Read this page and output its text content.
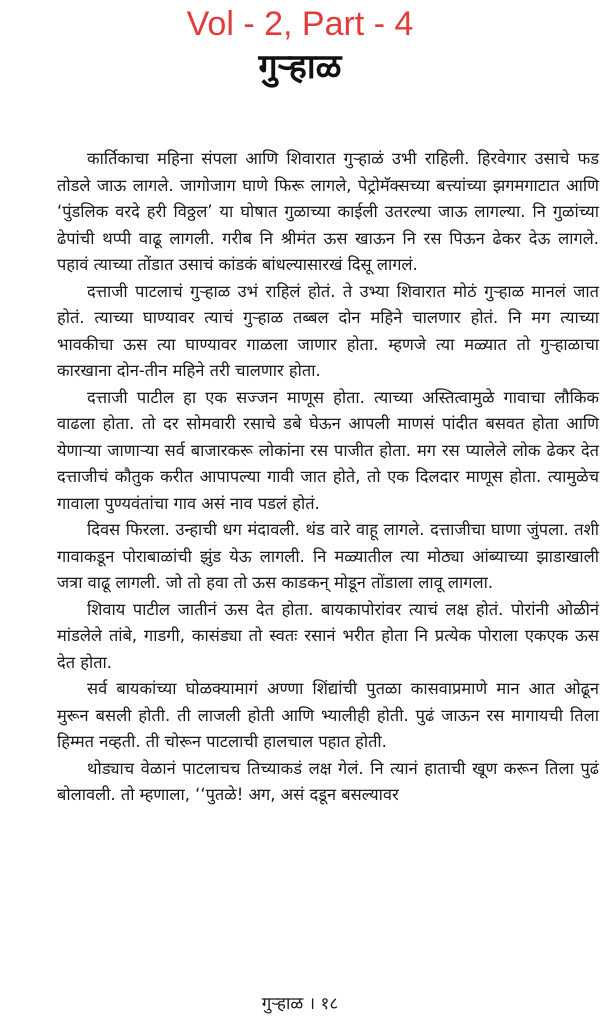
Vol - 2, Part - 4
गुऱ्हाळ

कार्तिकाचा महिना संपला आणि शिवारात गुऱ्हाळं उभी राहिली. हिरवेगार उसाचे फड तोडले जाऊ लागले. जागोजाग घाणे फिरू लागले, पेट्रोमॅक्सच्या बत्त्यांच्या झगमगाटात आणि ‘पुंडलिक वरदे हरी विठ्ठल’ या घोषात गुळाच्या काईली उतरल्या जाऊ लागल्या. नि गुळांच्या ढेपांची थप्पी वाढू लागली. गरीब नि श्रीमंत ऊस खाऊन नि रस पिऊन ढेकर देऊ लागले. पहावं त्याच्या तोंडात उसाचं कांडकं बांधल्यासारखं दिसू लागलं.

दत्ताजी पाटलाचं गुऱ्हाळ उभं राहिलं होतं. ते उभ्या शिवारात मोठं गुऱ्हाळ मानलं जात होतं. त्याच्या घाण्यावर त्याचं गुऱ्हाळ तब्बल दोन महिने चालणार होतं. नि मग त्याच्या भावकीचा ऊस त्या घाण्यावर गाळला जाणार होता. म्हणजे त्या मळ्यात तो गुऱ्हाळाचा कारखाना दोन-तीन महिने तरी चालणार होता.

दत्ताजी पाटील हा एक सज्जन माणूस होता. त्याच्या अस्तित्वामुळे गावाचा लौकिक वाढला होता. तो दर सोमवारी रसाचे डबे घेऊन आपली माणसं पांदीत बसवत होता आणि येणाऱ्या जाणाऱ्या सर्व बाजारकरू लोकांना रस पाजीत होता. मग रस प्यालेले लोक ढेकर देत दत्ताजीचं कौतुक करीत आपापल्या गावी जात होते, तो एक दिलदार माणूस होता. त्यामुळेच गावाला पुण्यवंतांचा गाव असं नाव पडलं होतं.

दिवस फिरला. उन्हाची धग मंदावली. थंड वारे वाहू लागले. दत्ताजीचा घाणा जुंपला. तशी गावाकडून पोराबाळांची झुंड येऊ लागली. नि मळ्यातील त्या मोठ्या आंब्याच्या झाडाखाली जत्रा वाढू लागली. जो तो हवा तो ऊस काडकन् मोडून तोंडाला लावू लागला.

शिवाय पाटील जातीनं ऊस देत होता. बायकापोरांवर त्याचं लक्ष होतं. पोरांनी ओळीनं मांडलेले तांबे, गाडगी, कासंड्या तो स्वतः रसानं भरीत होता नि प्रत्येक पोराला एकएक ऊस देत होता.

सर्व बायकांच्या घोळक्यामागं अण्णा शिंद्यांची पुतळा कासवाप्रमाणे मान आत ओढून मुरून बसली होती. ती लाजली होती आणि भ्यालीही होती. पुढं जाऊन रस मागायची तिला हिम्मत नव्हती. ती चोरून पाटलाची हालचाल पहात होती.

थोड्याच वेळानं पाटलाचच तिच्याकडं लक्ष गेलं. नि त्यानं हाताची खूण करून तिला पुढं बोलावली. तो म्हणाला, ‘‘पुतळे! अग, असं दडून बसल्यावर

गुऱ्हाळ । १८
